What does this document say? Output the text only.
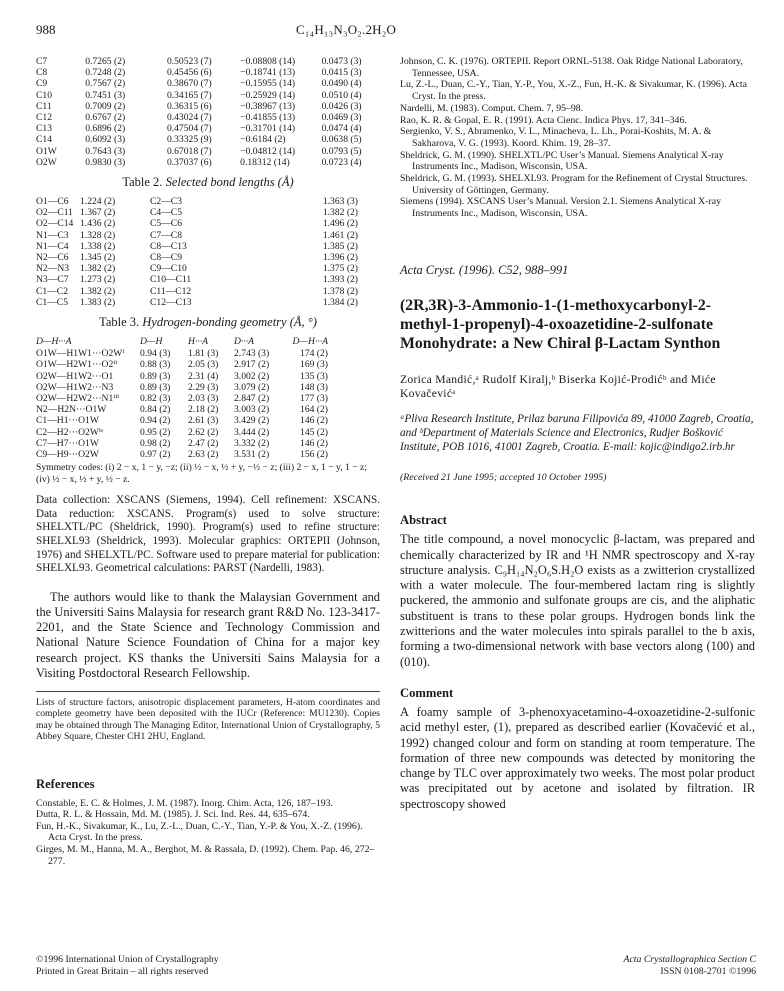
988	C₁₄H₁₃N₃O₂.2H₂O
C7	0.7265 (2)	0.50523 (7)	−0.08808 (14)	0.0473 (3)
C8	0.7248 (2)	0.45456 (6)	−0.18741 (13)	0.0415 (3)
C9	0.7567 (2)	0.38670 (7)	−0.15955 (14)	0.0490 (4)
C10	0.7451 (3)	0.34165 (7)	−0.25929 (14)	0.0510 (4)
C11	0.7009 (2)	0.36315 (6)	−0.38967 (13)	0.0426 (3)
C12	0.6767 (2)	0.43024 (7)	−0.41855 (13)	0.0469 (3)
C13	0.6896 (2)	0.47504 (7)	−0.31701 (14)	0.0474 (4)
C14	0.6092 (3)	0.33325 (9)	−0.6184 (2)	0.0638 (5)
O1W	0.7643 (3)	0.67018 (7)	−0.04812 (14)	0.0793 (5)
O2W	0.9830 (3)	0.37037 (6)	0.18312 (14)	0.0723 (4)
Table 2. Selected bond lengths (Å)
O1—C6	1.224 (2)	C2—C3	1.363 (3)
O2—C11	1.367 (2)	C4—C5	1.382 (2)
O2—C14	1.436 (2)	C5—C6	1.496 (2)
N1—C3	1.328 (2)	C7—C8	1.461 (2)
N1—C4	1.338 (2)	C8—C13	1.385 (2)
N2—C6	1.345 (2)	C8—C9	1.396 (2)
N2—N3	1.382 (2)	C9—C10	1.375 (2)
N3—C7	1.273 (2)	C10—C11	1.393 (2)
C1—C2	1.382 (2)	C11—C12	1.378 (2)
C1—C5	1.383 (2)	C12—C13	1.384 (2)
Table 3. Hydrogen-bonding geometry (Å, °)
D—H···A	D—H	H···A	D···A	D—H···A
O1W—H1W1···O2Wⁱ	0.94 (3)	1.81 (3)	2.743 (3)	174 (2)
O1W—H2W1···O2ⁱⁱ	0.88 (3)	2.05 (3)	2.917 (2)	169 (3)
O2W—H1W2···O1	0.89 (3)	2.31 (4)	3.002 (2)	135 (3)
O2W—H1W2···N3	0.89 (3)	2.29 (3)	3.079 (2)	148 (3)
O2W—H2W2···N1ⁱⁱⁱ	0.82 (3)	2.03 (3)	2.847 (2)	177 (3)
N2—H2N···O1W	0.84 (2)	2.18 (2)	3.003 (2)	164 (2)
C1—H1···O1W	0.94 (2)	2.61 (3)	3.429 (2)	146 (2)
C2—H2···O2Wⁱᵛ	0.95 (2)	2.62 (2)	3.444 (2)	145 (2)
C7—H7···O1W	0.98 (2)	2.47 (2)	3.332 (2)	146 (2)
C9—H9···O2W	0.97 (2)	2.63 (2)	3.531 (2)	156 (2)
Symmetry codes: (i) 2 − x, 1 − y, −z; (ii) ½ − x, ½ + y, −½ − z; (iii) 2 − x, 1 − y, 1 − z; (iv) ½ − x, ½ + y, ½ − z.
Data collection: XSCANS (Siemens, 1994). Cell refinement: XSCANS. Data reduction: XSCANS. Program(s) used to solve structure: SHELXTL/PC (Sheldrick, 1990). Program(s) used to refine structure: SHELXL93 (Sheldrick, 1993). Molecular graphics: ORTEPII (Johnson, 1976) and SHELXTL/PC. Software used to prepare material for publication: SHELXL93. Geometrical calculations: PARST (Nardelli, 1983).
The authors would like to thank the Malaysian Government and the Universiti Sains Malaysia for research grant R&D No. 123-3417-2201, and the State Science and Technology Commission and National Nature Science Foundation of China for a major key research project. KS thanks the Universiti Sains Malaysia for a Visiting Postdoctoral Research Fellowship.
Lists of structure factors, anisotropic displacement parameters, H-atom coordinates and complete geometry have been deposited with the IUCr (Reference: MU1230). Copies may be obtained through The Managing Editor, International Union of Crystallography, 5 Abbey Square, Chester CH1 2HU, England.
References

Constable, E. C. & Holmes, J. M. (1987). Inorg. Chim. Acta, 126, 187–193.

Dutta, R. L. & Hossain, Md. M. (1985). J. Sci. Ind. Res. 44, 635–674.

Fun, H.-K., Sivakumar, K., Lu, Z.-L., Duan, C.-Y., Tian, Y.-P. & You, X.-Z. (1996). Acta Cryst. In the press.

Girges, M. M., Hanna, M. A., Berghot, M. & Rassala, D. (1992). Chem. Pap. 46, 272–277.

©1996 International Union of Crystallography
Printed in Great Britain – all rights reserved

Johnson, C. K. (1976). ORTEPII. Report ORNL-5138. Oak Ridge National Laboratory, Tennessee, USA.

Lu, Z.-L., Duan, C.-Y., Tian, Y.-P., You, X.-Z., Fun, H.-K. & Sivakumar, K. (1996). Acta Cryst. In the press.

Nardelli, M. (1983). Comput. Chem. 7, 95–98.

Rao, K. R. & Gopal, E. R. (1991). Acta Cienc. Indica Phys. 17, 341–346.

Sergienko, V. S., Abramenko, V. L., Minacheva, L. Lh., Porai-Koshits, M. A. & Sakharova, V. G. (1993). Koord. Khim. 19, 28–37.

Sheldrick, G. M. (1990). SHELXTL/PC User’s Manual. Siemens Analytical X-ray Instruments Inc., Madison, Wisconsin, USA.

Sheldrick, G. M. (1993). SHELXL93. Program for the Refinement of Crystal Structures. University of Göttingen, Germany.

Siemens (1994). XSCANS User’s Manual. Version 2.1. Siemens Analytical X-ray Instruments Inc., Madison, Wisconsin, USA.

Acta Cryst. (1996). C52, 988–991
(2R,3R)-3-Ammonio-1-(1-methoxycarbonyl-2-methyl-1-propenyl)-4-oxoazetidine-2-sulfonate Monohydrate: a New Chiral β-Lactam Synthon
Zorica Mandić,ᵃ Rudolf Kiralj,ᵇ Biserka Kojić-Prodićᵇ and Miće Kovačevićᵃ
ᵃPliva Research Institute, Prilaz baruna Filipovića 89, 41000 Zagreb, Croatia, and ᵇDepartment of Materials Science and Electronics, Rudjer Bošković Institute, POB 1016, 41001 Zagreb, Croatia. E-mail: kojic@indigo2.irb.hr
(Received 21 June 1995; accepted 10 October 1995)
Abstract
The title compound, a novel monocyclic β-lactam, was prepared and chemically characterized by IR and ¹H NMR spectroscopy and X-ray structure analysis. C₉H₁₄N₂O₆S.H₂O exists as a zwitterion crystallized with a water molecule. The four-membered lactam ring is slightly puckered, the ammonio and sulfonate groups are cis, and the aliphatic substituent is trans to these polar groups. Hydrogen bonds link the zwitterions and the water molecules into spirals parallel to the b axis, forming a two-dimensional network with base vectors along (100) and (010).
Comment
A foamy sample of 3-phenoxyacetamino-4-oxoazetidine-2-sulfonic acid methyl ester, (1), prepared as described earlier (Kovačević et al., 1992) changed colour and form on standing at room temperature. The formation of three new compounds was detected by monitoring the change by TLC over approximately two weeks. The most polar product was precipitated out by acetone and isolated by filtration. IR spectroscopy showed
Acta Crystallographica Section C
ISSN 0108-2701 ©1996
